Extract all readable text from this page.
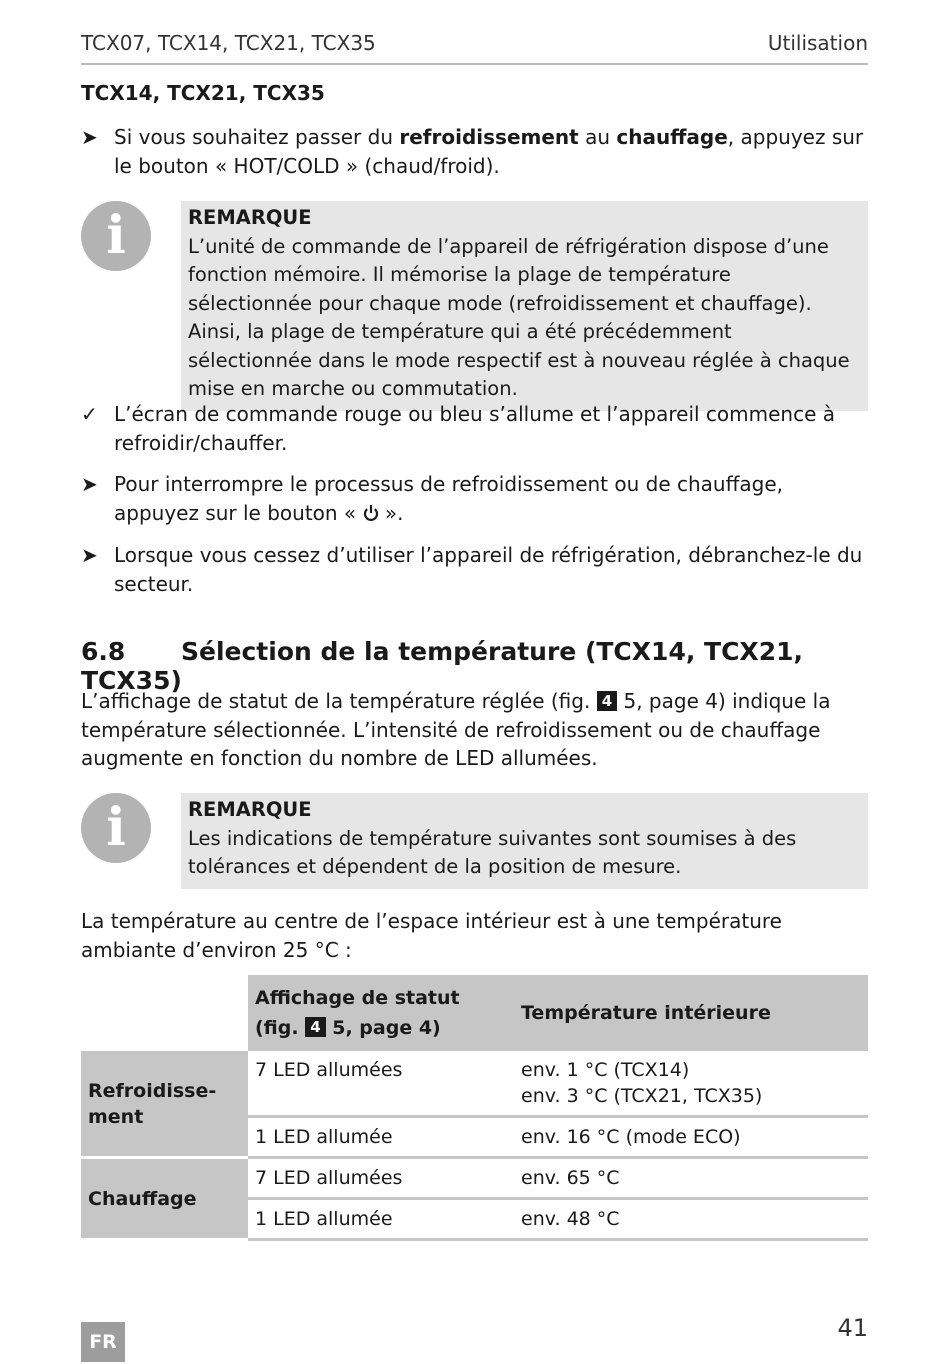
TCX07, TCX14, TCX21, TCX35	Utilisation
TCX14, TCX21, TCX35
➤ Si vous souhaitez passer du refroidissement au chauffage, appuyez sur le bouton « HOT/COLD » (chaud/froid).
i	REMARQUE
L’unité de commande de l’appareil de réfrigération dispose d’une fonction mémoire. Il mémorise la plage de température sélectionnée pour chaque mode (refroidissement et chauffage). Ainsi, la plage de température qui a été précédemment sélectionnée dans le mode respectif est à nouveau réglée à chaque mise en marche ou commutation.
✓ L’écran de commande rouge ou bleu s’allume et l’appareil commence à refroidir/chauffer.
➤ Pour interrompre le processus de refroidissement ou de chauffage, appuyez sur le bouton «  ».
➤ Lorsque vous cessez d’utiliser l’appareil de réfrigération, débranchez-le du secteur.
6.8 Sélection de la température (TCX14, TCX21, TCX35)
L’affichage de statut de la température réglée (fig. 4 5, page 4) indique la température sélectionnée. L’intensité de refroidissement ou de chauffage augmente en fonction du nombre de LED allumées.
i	REMARQUE
Les indications de température suivantes sont soumises à des tolérances et dépendent de la position de mesure.
La température au centre de l’espace intérieur est à une température ambiante d’environ 25 °C :
	Affichage de statut
(fig. 4 5, page 4)	Température intérieure
Refroidisse-ment	7 LED allumées	env. 1 °C (TCX14)
env. 3 °C (TCX21, TCX35)
	1 LED allumée	env. 16 °C (mode ECO)
Chauffage	7 LED allumées	env. 65 °C
	1 LED allumée	env. 48 °C
FR	41
